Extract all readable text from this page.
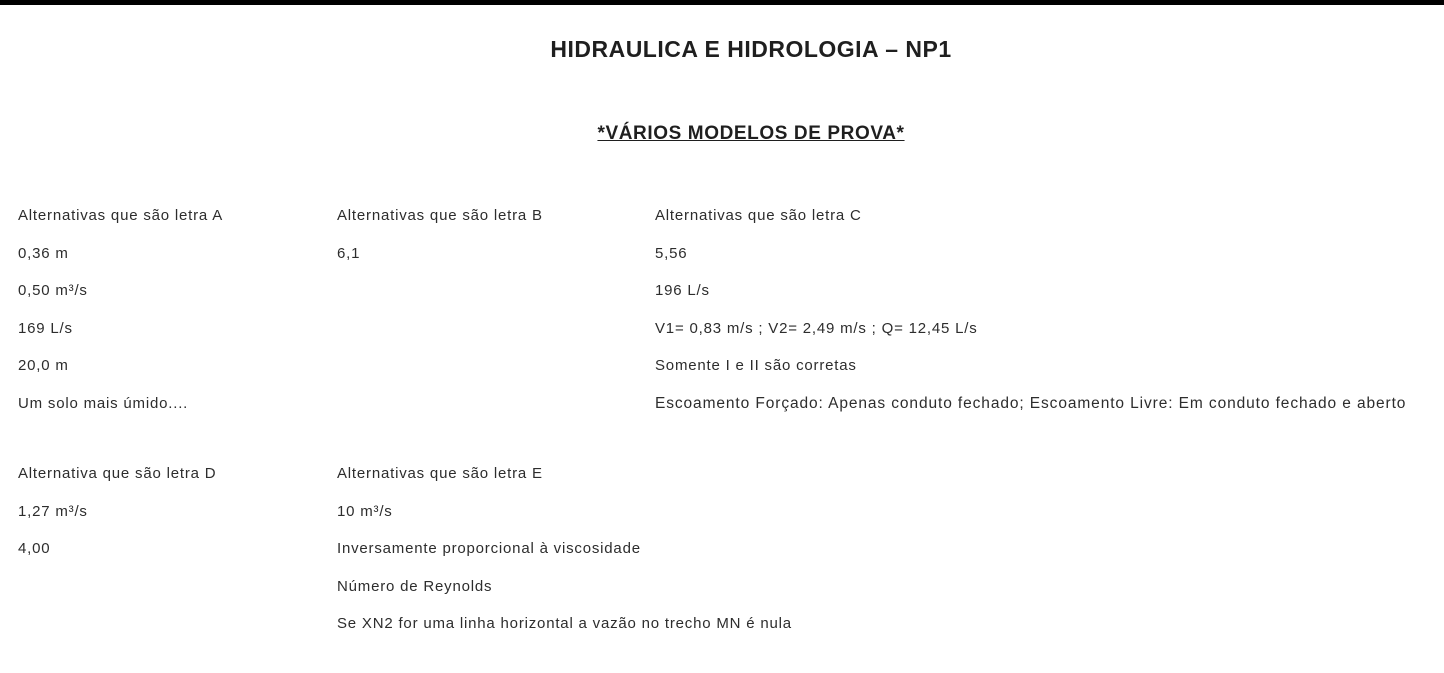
HIDRAULICA E HIDROLOGIA – NP1
*VÁRIOS MODELOS DE PROVA*
Alternativas que são letra A
0,36 m
0,50 m³/s
169 L/s
20,0 m
Um solo mais úmido....
Alternativas que são letra B
6,1
Alternativas que são letra C
5,56
196 L/s
V1= 0,83 m/s ; V2= 2,49 m/s ; Q= 12,45 L/s
Somente I e II são corretas
Escoamento Forçado: Apenas conduto fechado; Escoamento Livre: Em conduto fechado e aberto
Alternativa que são letra D
1,27 m³/s
4,00
Alternativas que são letra E
10 m³/s
Inversamente proporcional à viscosidade
Número de Reynolds
Se XN2 for uma linha horizontal a vazão no trecho MN é nula
